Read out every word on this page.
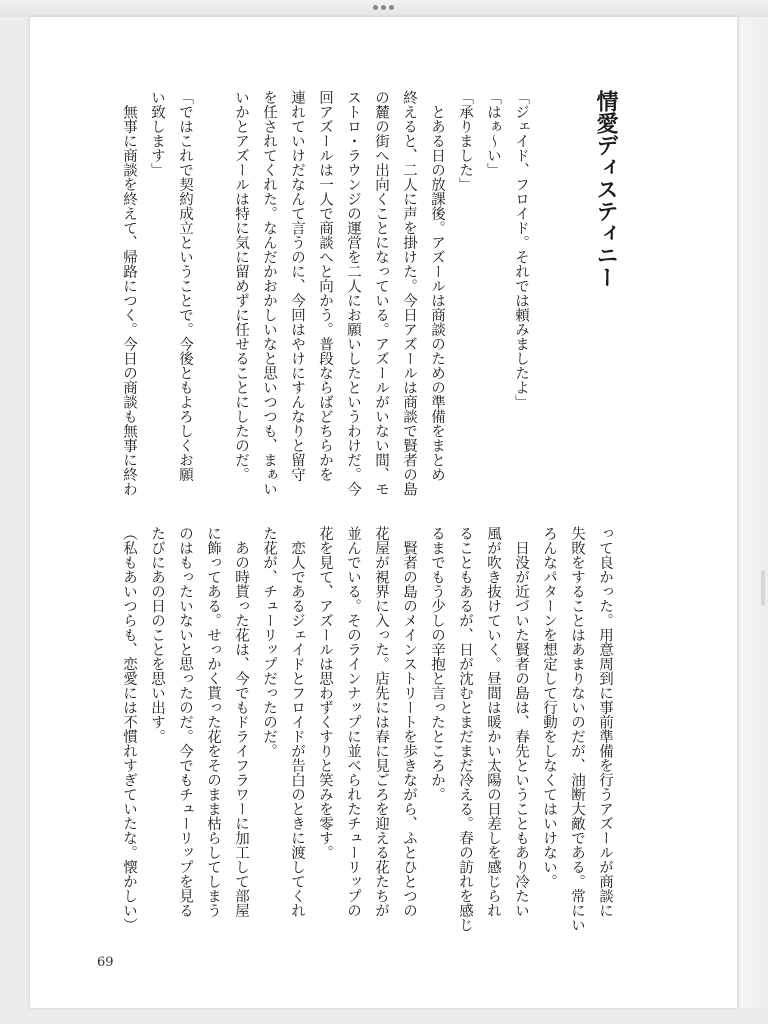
情愛ディスティニー
「ジェイド、フロイド。それでは頼みましたよ」
「はぁ～い」
「承りました」
　とある日の放課後。アズールは商談のための準備をまとめ
終えると、二人に声を掛けた。今日アズールは商談で賢者の島
の麓の街へ出向くことになっている。アズールがいない間、モ
ストロ・ラウンジの運営を二人にお願いしたというわけだ。今
回アズールは一人で商談へと向かう。普段ならばどちらかを
連れていけだなんて言うのに、今回はやけにすんなりと留守
を任されてくれた。なんだかおかしいなと思いつつも、まぁい
いかとアズールは特に気に留めずに任せることにしたのだ。
「ではこれで契約成立ということで。今後ともよろしくお願
い致します」
　無事に商談を終えて、帰路につく。今日の商談も無事に終わ
って良かった。用意周到に事前準備を行うアズールが商談に
失敗をすることはあまりないのだが、油断大敵である。常にい
ろんなパターンを想定して行動をしなくてはいけない。
　日没が近づいた賢者の島は、春先ということもあり冷たい
風が吹き抜けていく。昼間は暖かい太陽の日差しを感じられ
ることもあるが、日が沈むとまだまだ冷える。春の訪れを感じ
るまでもう少しの辛抱と言ったところか。
　賢者の島のメインストリートを歩きながら、ふとひとつの
花屋が視界に入った。店先には春に見ごろを迎える花たちが
並んでいる。そのラインナップに並べられたチューリップの
花を見て、アズールは思わずくすりと笑みを零す。
　恋人であるジェイドとフロイドが告白のときに渡してくれ
た花が、チューリップだったのだ。
　あの時貰った花は、今でもドライフラワーに加工して部屋
に飾ってある。せっかく貰った花をそのまま枯らしてしまう
のはもったいないと思ったのだ。今でもチューリップを見る
たびにあの日のことを思い出す。
（私もあいつらも、恋愛には不慣れすぎていたな。懐かしい）
69
